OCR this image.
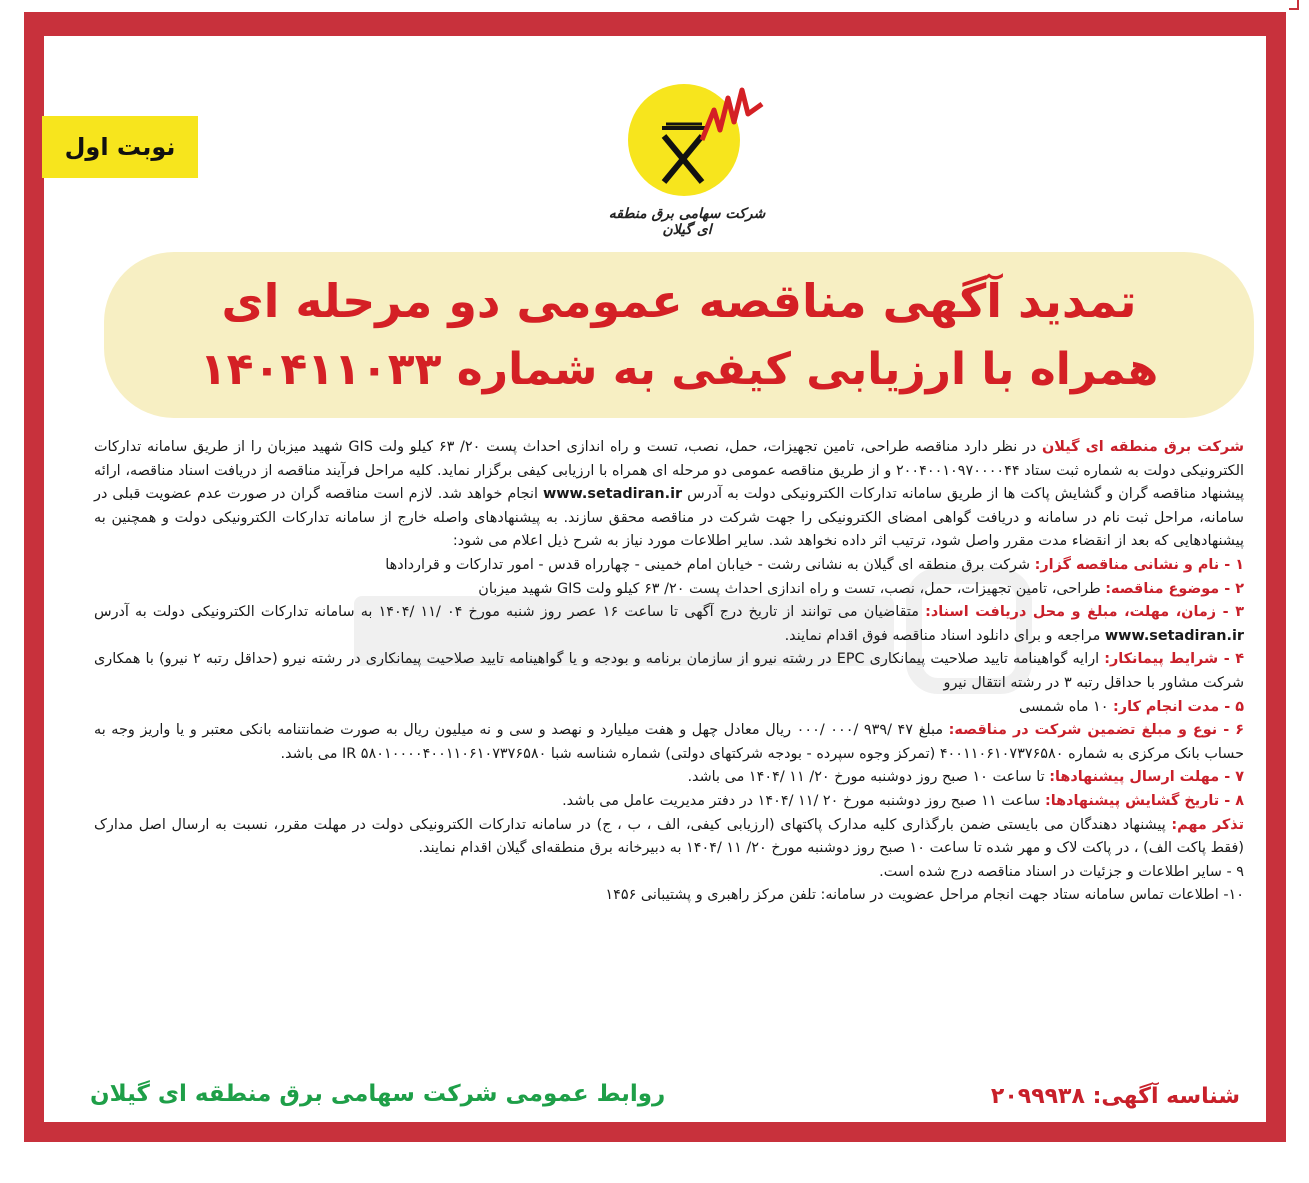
نوبت اول
شرکت سهامی برق منطقه ای گیلان
تمدید آگهی مناقصه عمومی دو مرحله ای
همراه با ارزیابی کیفی به شماره ۱۴۰۴۱۱۰۳۳

شرکت برق منطقه ای گیلان در نظر دارد مناقصه طراحی، تامین تجهیزات، حمل، نصب، تست و راه اندازی احداث پست ۲۰/ ۶۳ کیلو ولت GIS شهید میزبان را از طریق سامانه تدارکات الکترونیکی دولت به شماره ثبت ستاد ۲۰۰۴۰۰۱۰۹۷۰۰۰۰۴۴ و از طریق مناقصه عمومی دو مرحله ای همراه با ارزیابی کیفی برگزار نماید. کلیه مراحل فرآیند مناقصه از دریافت اسناد مناقصه، ارائه پیشنهاد مناقصه گران و گشایش پاکت ها از طریق سامانه تدارکات الکترونیکی دولت به آدرس www.setadiran.ir انجام خواهد شد. لازم است مناقصه گران در صورت عدم عضویت قبلی در سامانه، مراحل ثبت نام در سامانه و دریافت گواهی امضای الکترونیکی را جهت شرکت در مناقصه محقق سازند. به پیشنهادهای واصله خارج از سامانه تدارکات الکترونیکی دولت و همچنین به پیشنهادهایی که بعد از انقضاء مدت مقرر واصل شود، ترتیب اثر داده نخواهد شد. سایر اطلاعات مورد نیاز به شرح ذیل اعلام می شود:

۱ - نام و نشانی مناقصه گزار: شرکت برق منطقه ای گیلان به نشانی رشت - خیابان امام خمینی - چهارراه قدس - امور تدارکات و قراردادها

۲ - موضوع مناقصه: طراحی، تامین تجهیزات، حمل، نصب، تست و راه اندازی احداث پست ۲۰/ ۶۳ کیلو ولت GIS شهید میزبان

۳ - زمان، مهلت، مبلغ و محل دریافت اسناد: متقاضیان می توانند از تاریخ درج آگهی تا ساعت ۱۶ عصر روز شنبه مورخ ۰۴ /۱۱ /۱۴۰۴ به سامانه تدارکات الکترونیکی دولت به آدرس www.setadiran.ir مراجعه و برای دانلود اسناد مناقصه فوق اقدام نمایند.

۴ - شرایط پیمانکار: ارایه گواهینامه تایید صلاحیت پیمانکاری EPC در رشته نیرو از سازمان برنامه و بودجه و یا گواهینامه تایید صلاحیت پیمانکاری در رشته نیرو (حداقل رتبه ۲ نیرو) با همکاری شرکت مشاور با حداقل رتبه ۳ در رشته انتقال نیرو

۵ - مدت انجام کار: ۱۰ ماه شمسی

۶ - نوع و مبلغ تضمین شرکت در مناقصه: مبلغ ۴۷ /۹۳۹ /۰۰۰ /۰۰۰ ریال معادل چهل و هفت میلیارد و نهصد و سی و نه میلیون ریال به صورت ضمانتنامه بانکی معتبر و یا واریز وجه به حساب بانک مرکزی به شماره ۴۰۰۱۱۰۶۱۰۷۳۷۶۵۸۰ (تمرکز وجوه سپرده - بودجه شرکتهای دولتی) شماره شناسه شبا IR ۵۸۰۱۰۰۰۰۴۰۰۱۱۰۶۱۰۷۳۷۶۵۸۰ می باشد.

۷ - مهلت ارسال پیشنهادها: تا ساعت ۱۰ صبح روز دوشنبه مورخ ۲۰/ ۱۱ /۱۴۰۴ می باشد.

۸ - تاریخ گشایش پیشنهادها: ساعت ۱۱ صبح روز دوشنبه مورخ ۲۰ /۱۱ /۱۴۰۴ در دفتر مدیریت عامل می باشد.

تذکر مهم: پیشنهاد دهندگان می بایستی ضمن بارگذاری کلیه مدارک پاکتهای (ارزیابی کیفی، الف ، ب ، ج) در سامانه تدارکات الکترونیکی دولت در مهلت مقرر، نسبت به ارسال اصل مدارک (فقط پاکت الف) ، در پاکت لاک و مهر شده تا ساعت ۱۰ صبح روز دوشنبه مورخ ۲۰/ ۱۱ /۱۴۰۴ به دبیرخانه برق منطقه‌ای گیلان اقدام نمایند.

۹ - سایر اطلاعات و جزئیات در اسناد مناقصه درج شده است.

۱۰- اطلاعات تماس سامانه ستاد جهت انجام مراحل عضویت در سامانه: تلفن مرکز راهبری و پشتیبانی ۱۴۵۶

روابط عمومی شرکت سهامی برق منطقه ای گیلان	شناسه آگهی: ۲۰۹۹۹۳۸
